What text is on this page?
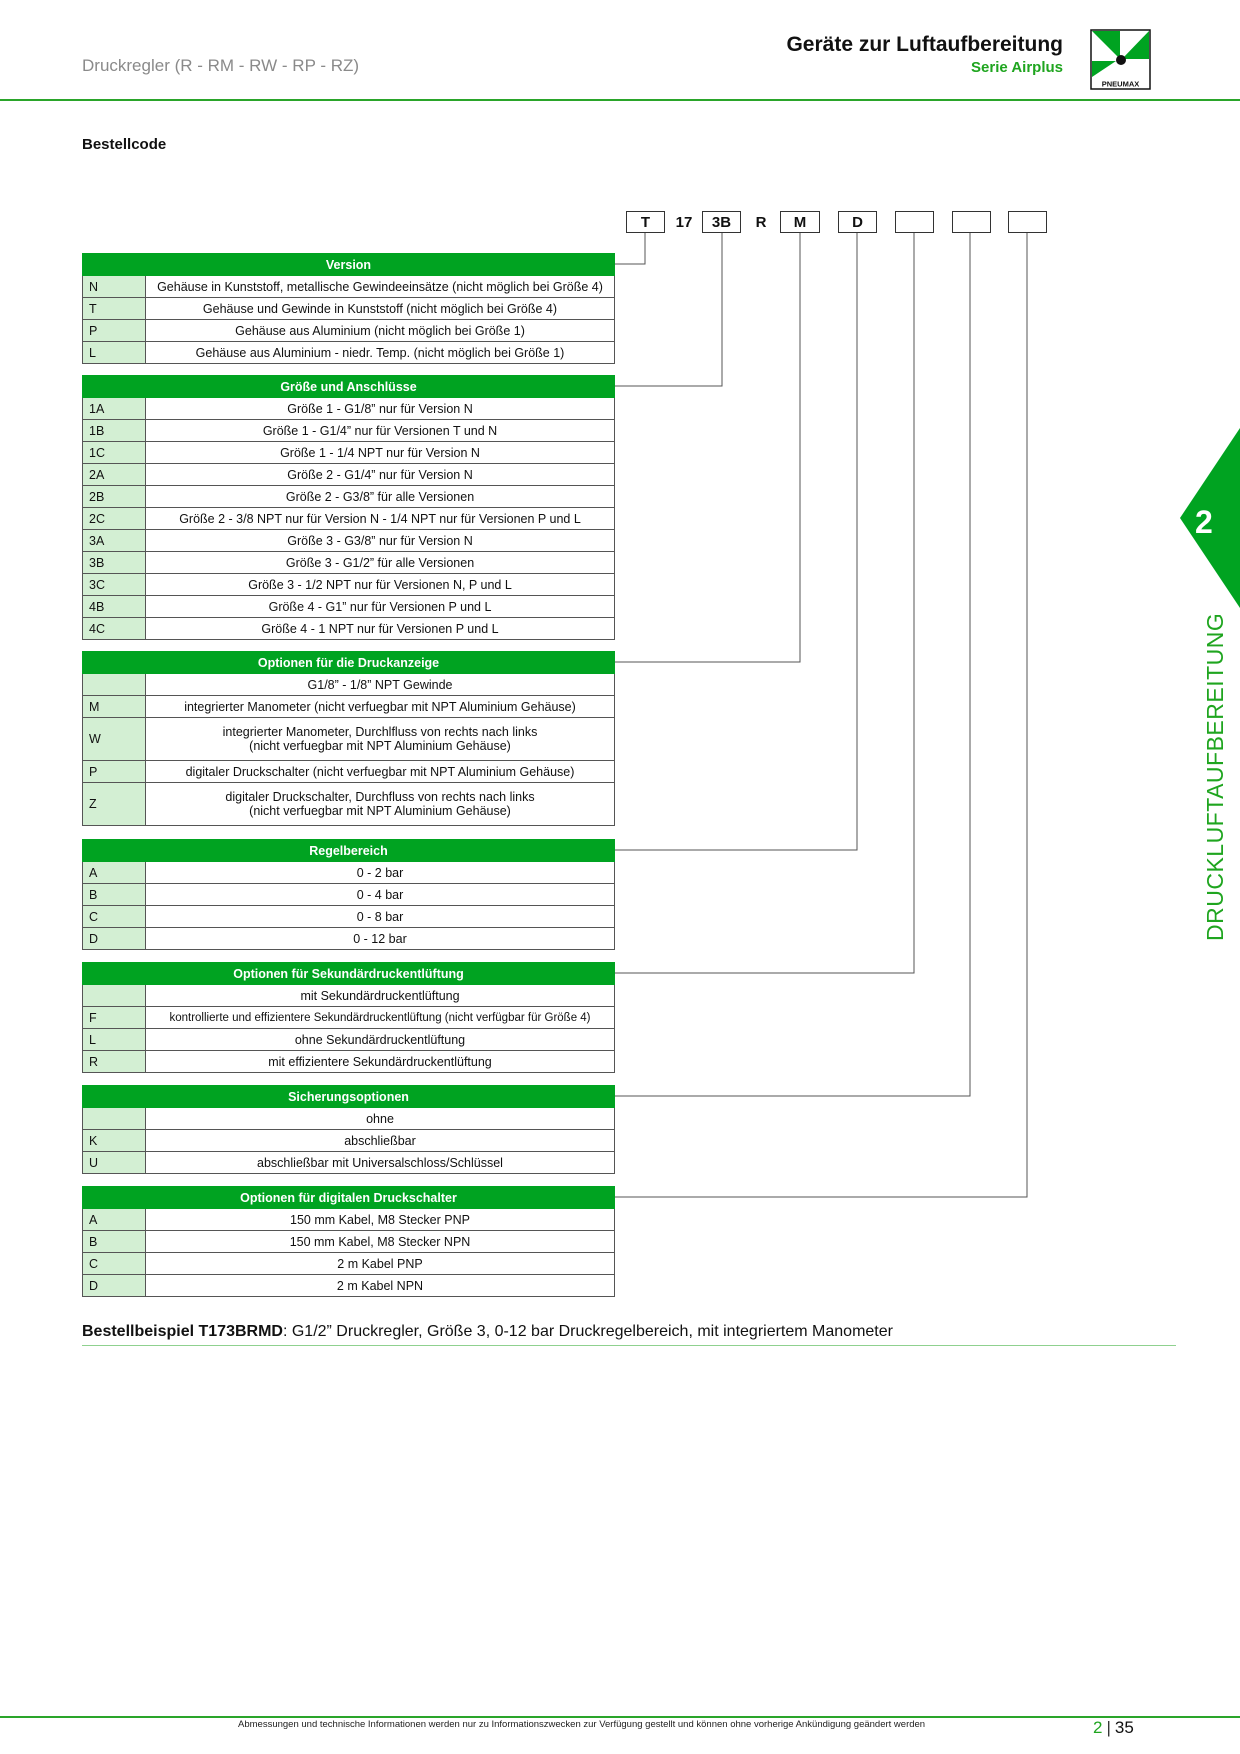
Druckregler (R - RM - RW - RP - RZ)
Geräte zur Luftaufbereitung
Serie Airplus
PNEUMAX
Bestellcode
T	17	3B	R	M	D
Version	
N	Gehäuse in Kunststoff, metallische Gewindeeinsätze (nicht möglich bei Größe 4)
T	Gehäuse und Gewinde in Kunststoff (nicht möglich bei Größe 4)
P	Gehäuse aus Aluminium (nicht möglich bei Größe 1)
L	Gehäuse aus Aluminium - niedr. Temp. (nicht möglich bei Größe 1)
Größe und Anschlüsse	
1A	Größe 1 - G1/8” nur für Version N
1B	Größe 1 - G1/4” nur für Versionen T und N
1C	Größe 1 - 1/4 NPT nur für Version N
2A	Größe 2 - G1/4” nur für Version N
2B	Größe 2 - G3/8” für alle Versionen
2C	Größe 2 - 3/8 NPT nur für Version N - 1/4 NPT nur für Versionen P und L
3A	Größe 3 - G3/8” nur für Version N
3B	Größe 3 - G1/2” für alle Versionen
3C	Größe 3 - 1/2 NPT nur für Versionen N, P und L
4B	Größe 4 - G1” nur für Versionen P und L
4C	Größe 4 - 1 NPT nur für Versionen P und L
Optionen für die Druckanzeige	
	G1/8” - 1/8” NPT Gewinde
M	integrierter Manometer (nicht verfuegbar mit NPT Aluminium Gehäuse)
W	integrierter Manometer, Durchlfluss von rechts nach links
(nicht verfuegbar mit NPT Aluminium Gehäuse)

P	digitaler Druckschalter (nicht verfuegbar mit NPT Aluminium Gehäuse)
Z	digitaler Druckschalter, Durchfluss von rechts nach links
(nicht verfuegbar mit NPT Aluminium Gehäuse)
Regelbereich	
A	0 - 2 bar
B	0 - 4 bar
C	0 - 8 bar
D	0 - 12 bar
Optionen für Sekundärdruckentlüftung	
	mit Sekundärdruckentlüftung
F	kontrollierte und effizientere Sekundärdruckentlüftung (nicht verfügbar für Größe 4)
L	ohne Sekundärdruckentlüftung
R	mit effizientere Sekundärdruckentlüftung
Sicherungsoptionen	
	ohne
K	abschließbar
U	abschließbar mit Universalschloss/Schlüssel
Optionen für digitalen Druckschalter	
A	150 mm Kabel, M8 Stecker PNP
B	150 mm Kabel, M8 Stecker NPN
C	2 m Kabel PNP
D	2 m Kabel NPN
Bestellbeispiel T173BRMD: G1/2” Druckregler, Größe 3, 0-12 bar Druckregelbereich, mit integriertem Manometer
2
DRUCKLUFTAUFBEREITUNG
Abmessungen und technische Informationen werden nur zu Informationszwecken zur Verfügung gestellt und können ohne vorherige Ankündigung geändert werden	2 | 35
